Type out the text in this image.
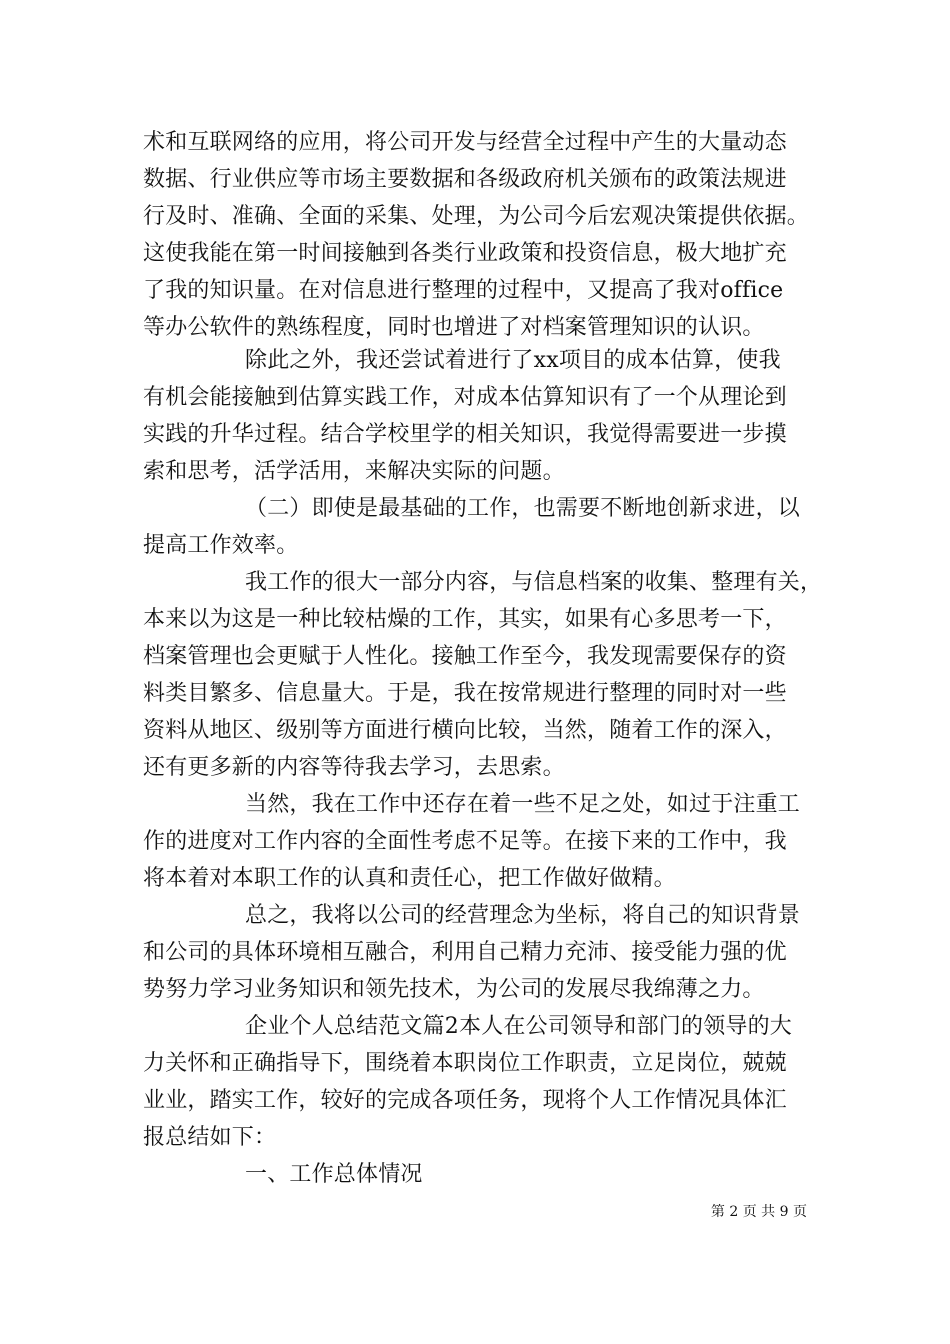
术和互联网络的应用，将公司开发与经营全过程中产生的大量动态
数据、行业供应等市场主要数据和各级政府机关颁布的政策法规进
行及时、准确、全面的采集、处理，为公司今后宏观决策提供依据。
这使我能在第一时间接触到各类行业政策和投资信息，极大地扩充
了我的知识量。在对信息进行整理的过程中，又提高了我对office
等办公软件的熟练程度，同时也增进了对档案管理知识的认识。
除此之外，我还尝试着进行了xx项目的成本估算，使我
有机会能接触到估算实践工作，对成本估算知识有了一个从理论到
实践的升华过程。结合学校里学的相关知识，我觉得需要进一步摸
索和思考，活学活用，来解决实际的问题。
（二）即使是最基础的工作，也需要不断地创新求进，以
提高工作效率。
我工作的很大一部分内容，与信息档案的收集、整理有关，
本来以为这是一种比较枯燥的工作，其实，如果有心多思考一下，
档案管理也会更赋于人性化。接触工作至今，我发现需要保存的资
料类目繁多、信息量大。于是，我在按常规进行整理的同时对一些
资料从地区、级别等方面进行横向比较，当然，随着工作的深入，
还有更多新的内容等待我去学习，去思索。
当然，我在工作中还存在着一些不足之处，如过于注重工
作的进度对工作内容的全面性考虑不足等。在接下来的工作中，我
将本着对本职工作的认真和责任心，把工作做好做精。
总之，我将以公司的经营理念为坐标，将自己的知识背景
和公司的具体环境相互融合，利用自己精力充沛、接受能力强的优
势努力学习业务知识和领先技术，为公司的发展尽我绵薄之力。
企业个人总结范文篇2本人在公司领导和部门的领导的大
力关怀和正确指导下，围绕着本职岗位工作职责，立足岗位，兢兢
业业，踏实工作，较好的完成各项任务，现将个人工作情况具体汇
报总结如下：
一、工作总体情况
第 2 页 共 9 页
